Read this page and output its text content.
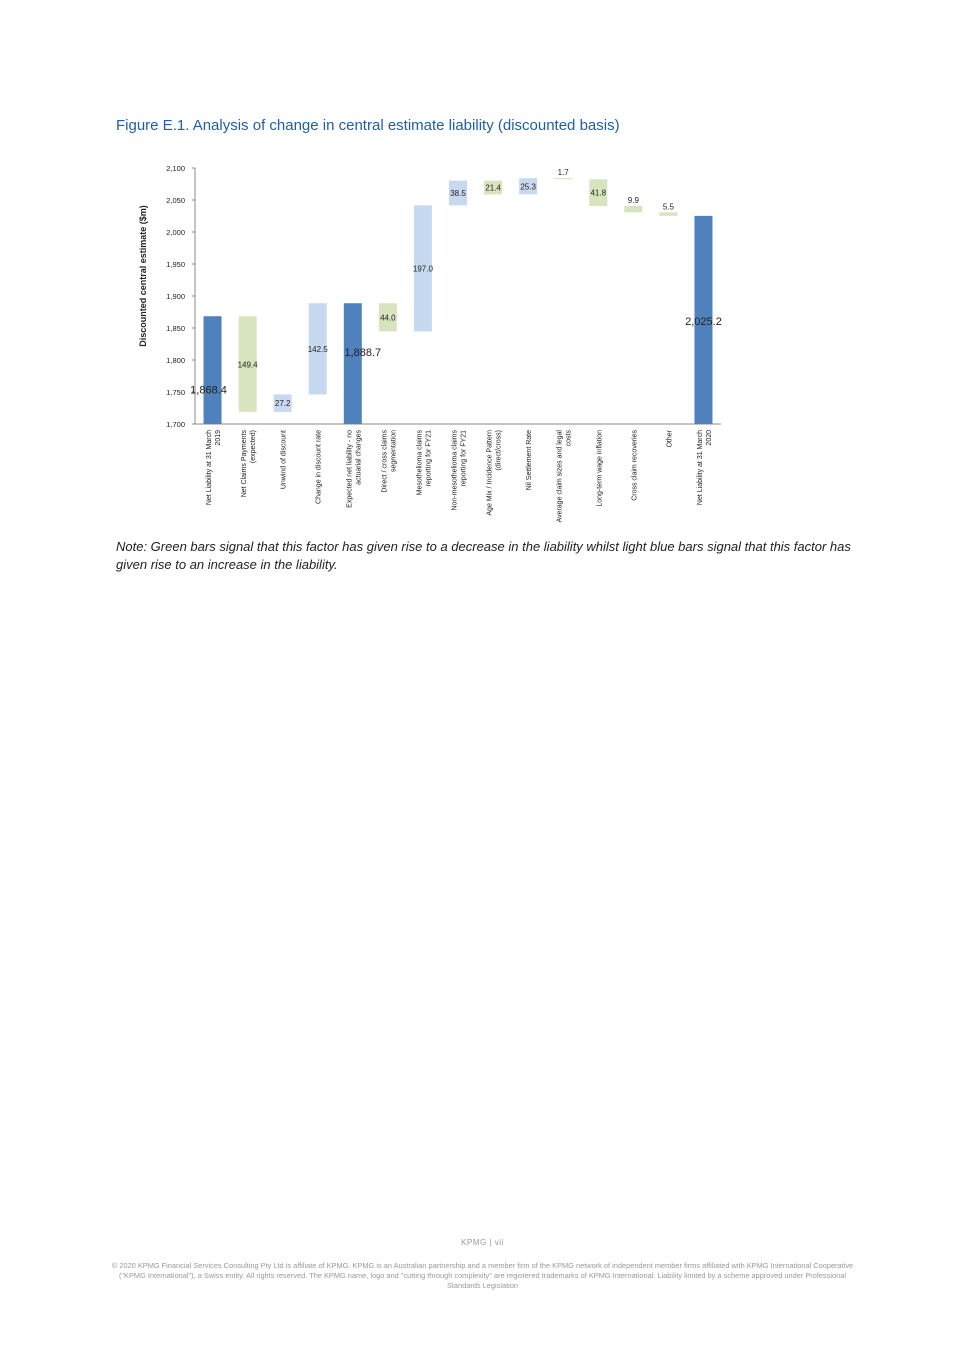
Figure E.1. Analysis of change in central estimate liability (discounted basis)
1,700
1,750
1,800
1,850
1,900
1,950
2,000
2,050
2,100
1,868.4
149.4
27.2
142.5 1,888.7
44.0
197.0
38.5
21.4 25.3
1.7
41.8
9.9
5.5
2,025.2
Net Liability at 31 March 2019	Net Claims Payments (expected)	Unwind of discount	Change in discount rate	Expected net liability - no actuarial changes	Direct / cross claims segmentation	Mesothelioma claims reporting for FY21	Non-mesothelioma claims reporting for FY21	Age Mix / Incidence Pattern (direct/cross)	Nil Settlement Rate	Average claim sizes and legal costs	Long-term wage inflation	Cross claim recoveries	Other	Net Liability at 31 March 2020
Discounted central estimate ($m)
Note: Green bars signal that this factor has given rise to a decrease in the liability whilst light blue bars signal that this factor has given rise to an increase in the liability.
KPMG | vii
© 2020 KPMG Financial Services Consulting Pty Ltd is affiliate of KPMG. KPMG is an Australian partnership and a member firm of the KPMG network of independent member firms affiliated with KPMG International Cooperative ("KPMG International"), a Swiss entity. All rights reserved. The KPMG name, logo and "cutting through complexity" are registered trademarks of KPMG International. Liability limited by a scheme approved under Professional Standards Legislation
